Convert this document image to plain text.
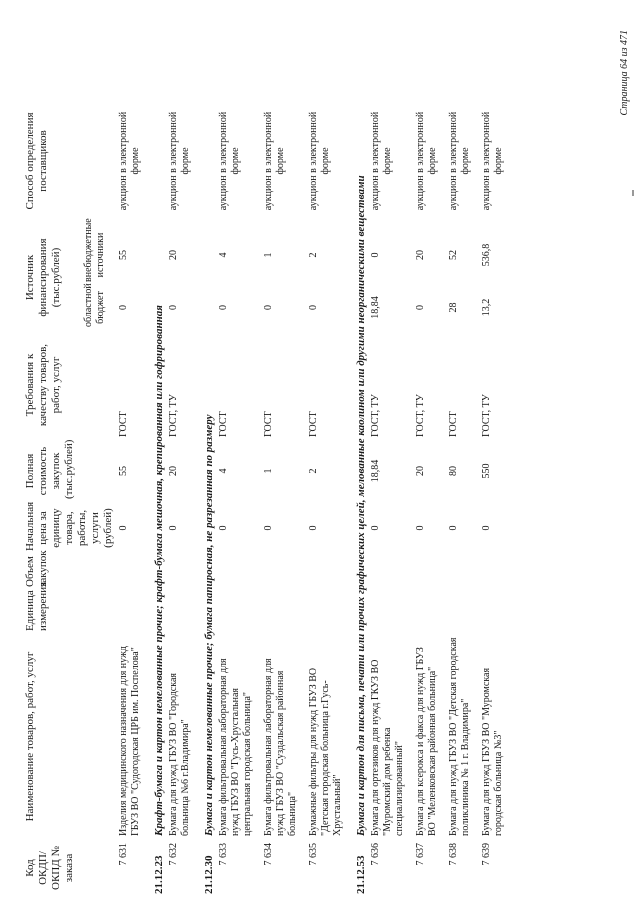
Код ОКДП/ ОКПД № заказа	Наименование товаров, работ, услуг	Единица измерения	Объем закупок	Начальная цена за единицу товара, работы, услуги (рублей)	Полная стоимость закупок (тыс.рублей)	Требования к качеству товаров, работ, услуг	Источник финансирования (тыс.рублей)		Способ определения поставщиков
							областной бюджет	внебюджетные источники	
7 631	Изделия медицинского назначения для нужд ГБУЗ ВО "Судогодская ЦРБ им. Поспелова"			0	55	ГОСТ	0	55	аукцион в электронной форме
21.12.23	Крафт-бумага и картон немелованные прочие; крафт-бумага мешочная, крепированная или гофрированная								
7 632	Бумага для нужд ГБУЗ ВО "Городская больница №6 г.Владимира"			0	20	ГОСТ, ТУ	0	20	аукцион в электронной форме
21.12.30	Бумага и картон немелованные прочие; бумага папиросная, не разрезанная по размеру								
7 633	Бумага фильтровальная лабораторная для нужд ГБУЗ ВО "Гусь-Хрустальная центральная городская больница"			0	4	ГОСТ	0	4	аукцион в электронной форме
7 634	Бумага фильтровальная лабораторная для нужд ГБУЗ ВО "Суздальская районная больница"			0	1	ГОСТ	0	1	аукцион в электронной форме
7 635	Бумажные фильтры для нужд ГБУЗ ВО "Детская городская больница г.Гусь-Хрустальный"			0	2	ГОСТ	0	2	аукцион в электронной форме
21.12.53	Бумага и картон для письма, печати или прочих графических целей, мелованные каолином или другими неорганическими веществами								
7 636	Бумага для ортезиков для нужд ГКУЗ ВО "Муромский дом ребенка специализированный"			0	18,84	ГОСТ, ТУ	18,84	0	аукцион в электронной форме
7 637	Бумага для ксерокса и факса для нужд ГБУЗ ВО "Меленковская районная больница"			0	20	ГОСТ, ТУ	0	20	аукцион в электронной форме
7 638	Бумага для нужд ГБУЗ ВО "Детская городская поликлиника № 1 г. Владимира"			0	80	ГОСТ	28	52	аукцион в электронной форме
7 639	Бумага для нужд ГБУЗ ВО "Муромская городская больница №3"			0	550	ГОСТ, ТУ	13,2	536,8	аукцион в электронной форме
Страница 64 из 471
